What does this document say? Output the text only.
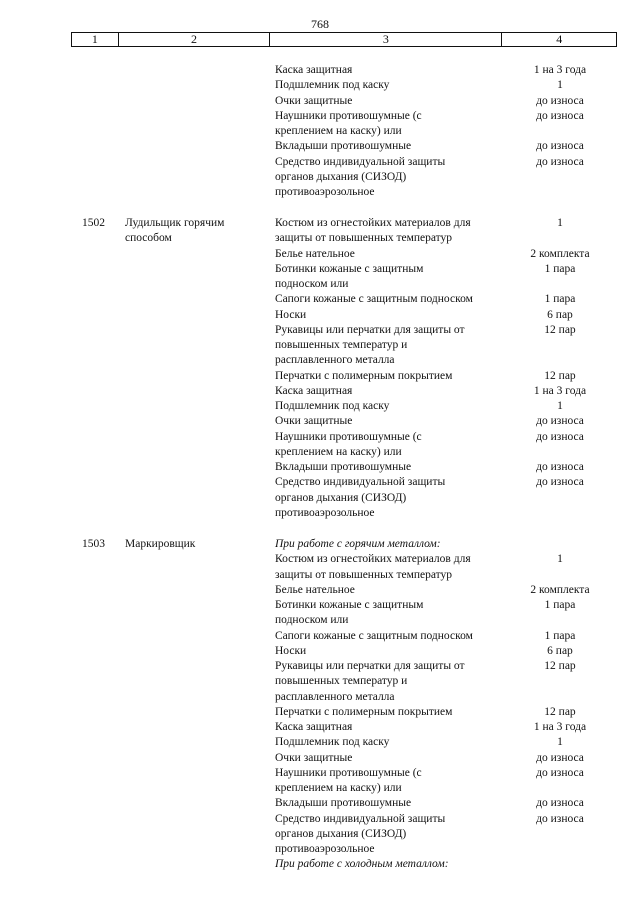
768
1	2	3	4
Каска защитная	1 на 3 года
Подшлемник под каску	1
Очки защитные	до износа
Наушники противошумные (с	до износа
креплением на каску) или
Вкладыши противошумные	до износа
Средство индивидуальной защиты	до износа
органов дыхания (СИЗОД)
противоаэрозольное
1502 Лудильщик горячим	Костюм из огнестойких материалов для	1
способом	защиты от повышенных температур
Белье нательное	2 комплекта
Ботинки кожаные с защитным	1 пара
подноском или
Сапоги кожаные с защитным подноском	1 пара
Носки	6 пар
Рукавицы или перчатки для защиты от	12 пар
повышенных температур и
расплавленного металла
Перчатки с полимерным покрытием	12 пар
Каска защитная	1 на 3 года
Подшлемник под каску	1
Очки защитные	до износа
Наушники противошумные (с	до износа
креплением на каску) или
Вкладыши противошумные	до износа
Средство индивидуальной защиты	до износа
органов дыхания (СИЗОД)
противоаэрозольное
1503 Маркировщик	При работе с горячим металлом:
Костюм из огнестойких материалов для	1
защиты от повышенных температур
Белье нательное	2 комплекта
Ботинки кожаные с защитным	1 пара
подноском или
Сапоги кожаные с защитным подноском	1 пара
Носки	6 пар
Рукавицы или перчатки для защиты от	12 пар
повышенных температур и
расплавленного металла
Перчатки с полимерным покрытием	12 пар
Каска защитная	1 на 3 года
Подшлемник под каску	1
Очки защитные	до износа
Наушники противошумные (с	до износа
креплением на каску) или
Вкладыши противошумные	до износа
Средство индивидуальной защиты	до износа
органов дыхания (СИЗОД)
противоаэрозольное
При работе с холодным металлом:
